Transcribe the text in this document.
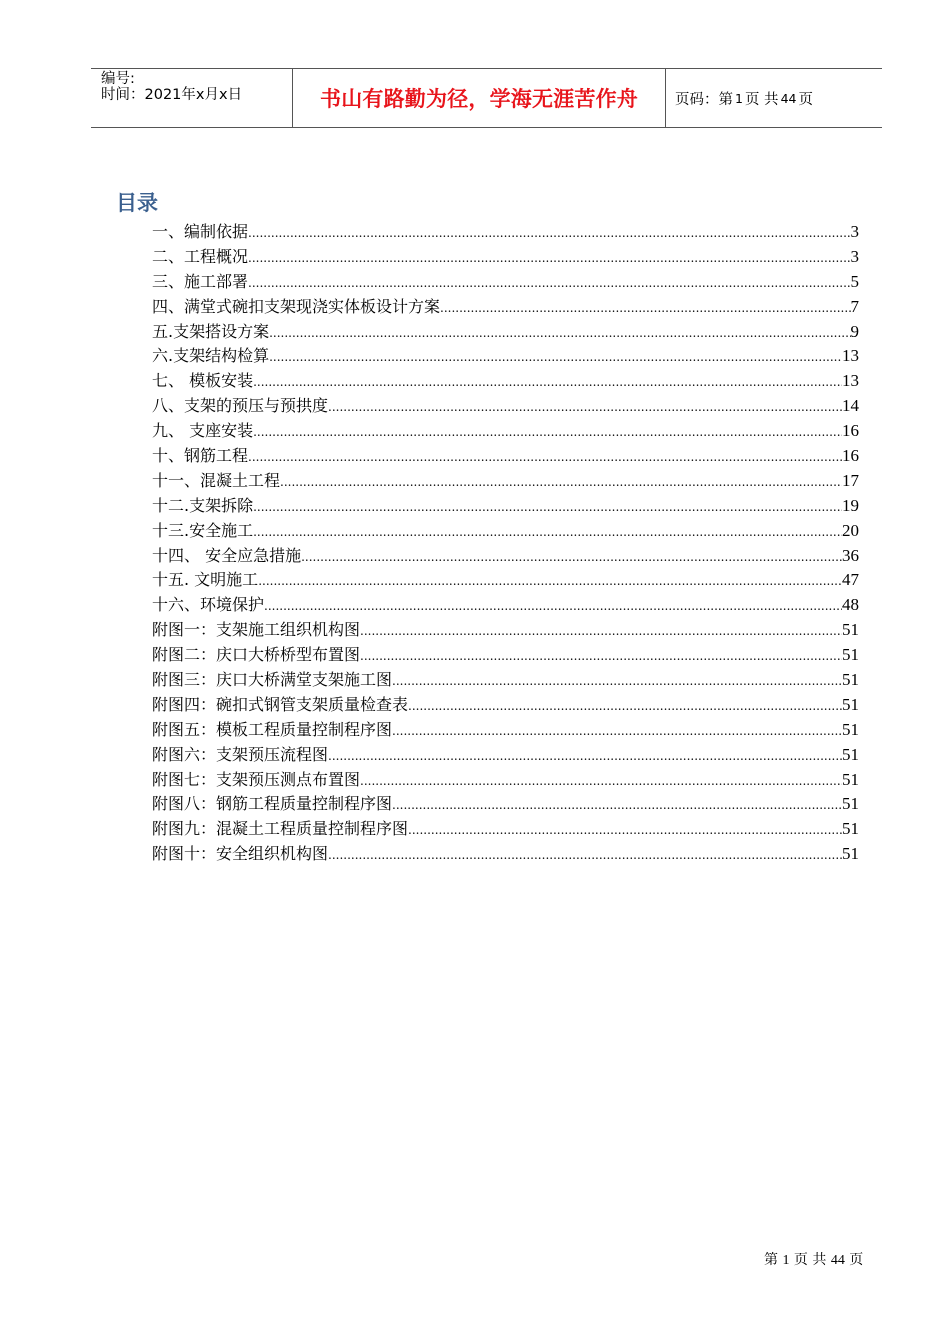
编号:
时间：2021年x月x日	书山有路勤为径，学海无涯苦作舟	页码：第 1 页 共 44 页
目录
一、编制依据 .....	3
二、工程概况 .....	3
三、施工部署 .....	5
四、满堂式碗扣支架现浇实体板设计方案 .....	7
五.支架搭设方案 .....	9
六.支架结构检算 .....	13
七、 模板安装 .....	13
八、支架的预压与预拱度 .....	14
九、 支座安装 .....	16
十、钢筋工程 .....	16
十一、混凝土工程 .....	17
十二.支架拆除 .....	19
十三.安全施工 .....	20
十四、 安全应急措施 .....	36
十五. 文明施工 .....	47
十六、环境保护 .....	48
附图一：支架施工组织机构图 .....	51
附图二：庆口大桥桥型布置图 .....	51
附图三：庆口大桥满堂支架施工图 .....	51
附图四：碗扣式钢管支架质量检查表 .....	51
附图五：模板工程质量控制程序图 .....	51
附图六：支架预压流程图 .....	51
附图七：支架预压测点布置图 .....	51
附图八：钢筋工程质量控制程序图 .....	51
附图九：混凝土工程质量控制程序图 .....	51
附图十：安全组织机构图 .....	51
第 1 页 共 44 页
